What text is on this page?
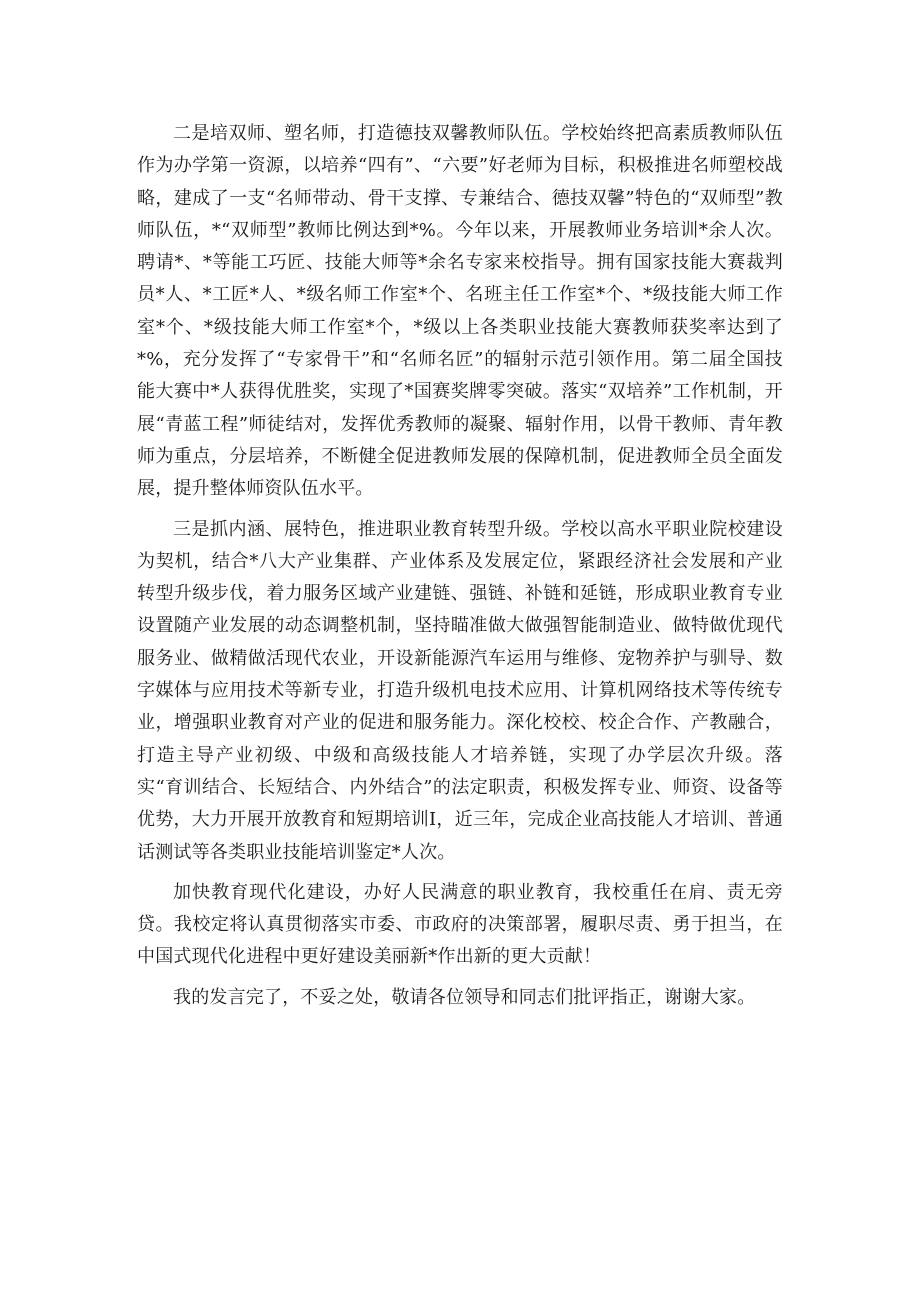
二是培双师、塑名师，打造德技双馨教师队伍。学校始终把高素质教师队伍作为办学第一资源，以培养“四有”、“六要”好老师为目标，积极推进名师塑校战略，建成了一支“名师带动、骨干支撑、专兼结合、德技双馨”特色的“双师型”教师队伍，*“双师型”教师比例达到*%。今年以来，开展教师业务培训*余人次。聘请*、*等能工巧匠、技能大师等*余名专家来校指导。拥有国家技能大赛裁判员*人、*工匠*人、*级名师工作室*个、名班主任工作室*个、*级技能大师工作室*个、*级技能大师工作室*个，*级以上各类职业技能大赛教师获奖率达到了*%，充分发挥了“专家骨干”和“名师名匠”的辐射示范引领作用。第二届全国技能大赛中*人获得优胜奖，实现了*国赛奖牌零突破。落实“双培养”工作机制，开展“青蓝工程”师徒结对，发挥优秀教师的凝聚、辐射作用，以骨干教师、青年教师为重点，分层培养，不断健全促进教师发展的保障机制，促进教师全员全面发展，提升整体师资队伍水平。

三是抓内涵、展特色，推进职业教育转型升级。学校以高水平职业院校建设为契机，结合*八大产业集群、产业体系及发展定位，紧跟经济社会发展和产业转型升级步伐，着力服务区域产业建链、强链、补链和延链，形成职业教育专业设置随产业发展的动态调整机制，坚持瞄准做大做强智能制造业、做特做优现代服务业、做精做活现代农业，开设新能源汽车运用与维修、宠物养护与驯导、数字媒体与应用技术等新专业，打造升级机电技术应用、计算机网络技术等传统专业，增强职业教育对产业的促进和服务能力。深化校校、校企合作、产教融合，打造主导产业初级、中级和高级技能人才培养链，实现了办学层次升级。落实“育训结合、长短结合、内外结合”的法定职责，积极发挥专业、师资、设备等优势，大力开展开放教育和短期培训I，近三年，完成企业高技能人才培训、普通话测试等各类职业技能培训鉴定*人次。

加快教育现代化建设，办好人民满意的职业教育，我校重任在肩、责无旁贷。我校定将认真贯彻落实市委、市政府的决策部署，履职尽责、勇于担当，在中国式现代化进程中更好建设美丽新*作出新的更大贡献！

我的发言完了，不妥之处，敬请各位领导和同志们批评指正，谢谢大家。
